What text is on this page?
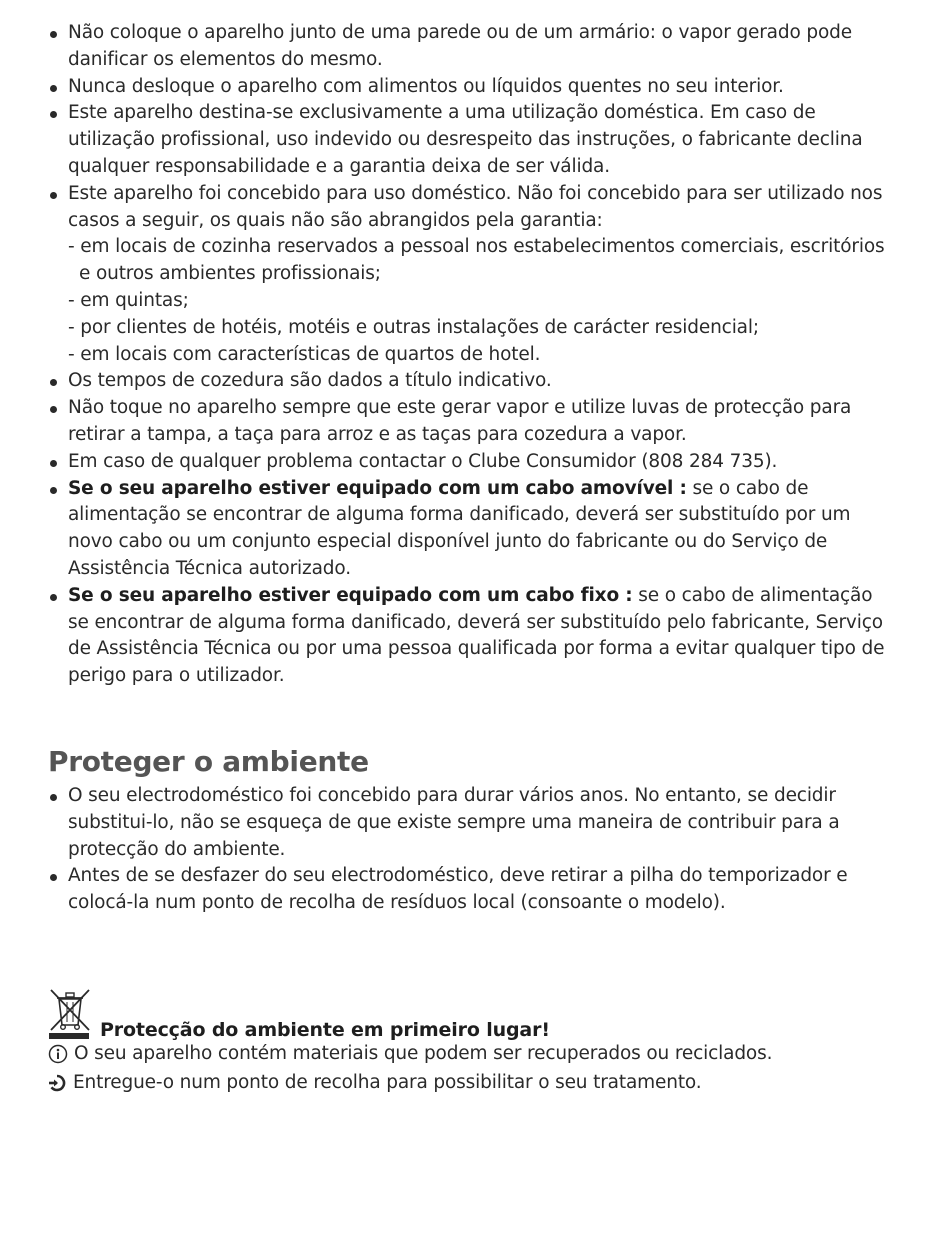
Não coloque o aparelho junto de uma parede ou de um armário: o vapor gerado pode danificar os elementos do mesmo.
Nunca desloque o aparelho com alimentos ou líquidos quentes no seu interior.
Este aparelho destina-se exclusivamente a uma utilização doméstica. Em caso de utilização profissional, uso indevido ou desrespeito das instruções, o fabricante declina qualquer responsabilidade e a garantia deixa de ser válida.
Este aparelho foi concebido para uso doméstico. Não foi concebido para ser utilizado nos casos a seguir, os quais não são abrangidos pela garantia:
- em locais de cozinha reservados a pessoal nos estabelecimentos comerciais, escritórios e outros ambientes profissionais;
- em quintas;
- por clientes de hotéis, motéis e outras instalações de carácter residencial;
- em locais com características de quartos de hotel.
Os tempos de cozedura são dados a título indicativo.
Não toque no aparelho sempre que este gerar vapor e utilize luvas de protecção para retirar a tampa, a taça para arroz e as taças para cozedura a vapor.
Em caso de qualquer problema contactar o Clube Consumidor (808 284 735).
Se o seu aparelho estiver equipado com um cabo amovível : se o cabo de alimentação se encontrar de alguma forma danificado, deverá ser substituído por um novo cabo ou um conjunto especial disponível junto do fabricante ou do Serviço de Assistência Técnica autorizado.
Se o seu aparelho estiver equipado com um cabo fixo : se o cabo de alimentação se encontrar de alguma forma danificado, deverá ser substituído pelo fabricante, Serviço de Assistência Técnica ou por uma pessoa qualificada por forma a evitar qualquer tipo de perigo para o utilizador.
Proteger o ambiente
O seu electrodoméstico foi concebido para durar vários anos. No entanto, se decidir substitui-lo, não se esqueça de que existe sempre uma maneira de contribuir para a protecção do ambiente.
Antes de se desfazer do seu electrodoméstico, deve retirar a pilha do temporizador e colocá-la num ponto de recolha de resíduos local (consoante o modelo).
Protecção do ambiente em primeiro lugar!
O seu aparelho contém materiais que podem ser recuperados ou reciclados.
Entregue-o num ponto de recolha para possibilitar o seu tratamento.
